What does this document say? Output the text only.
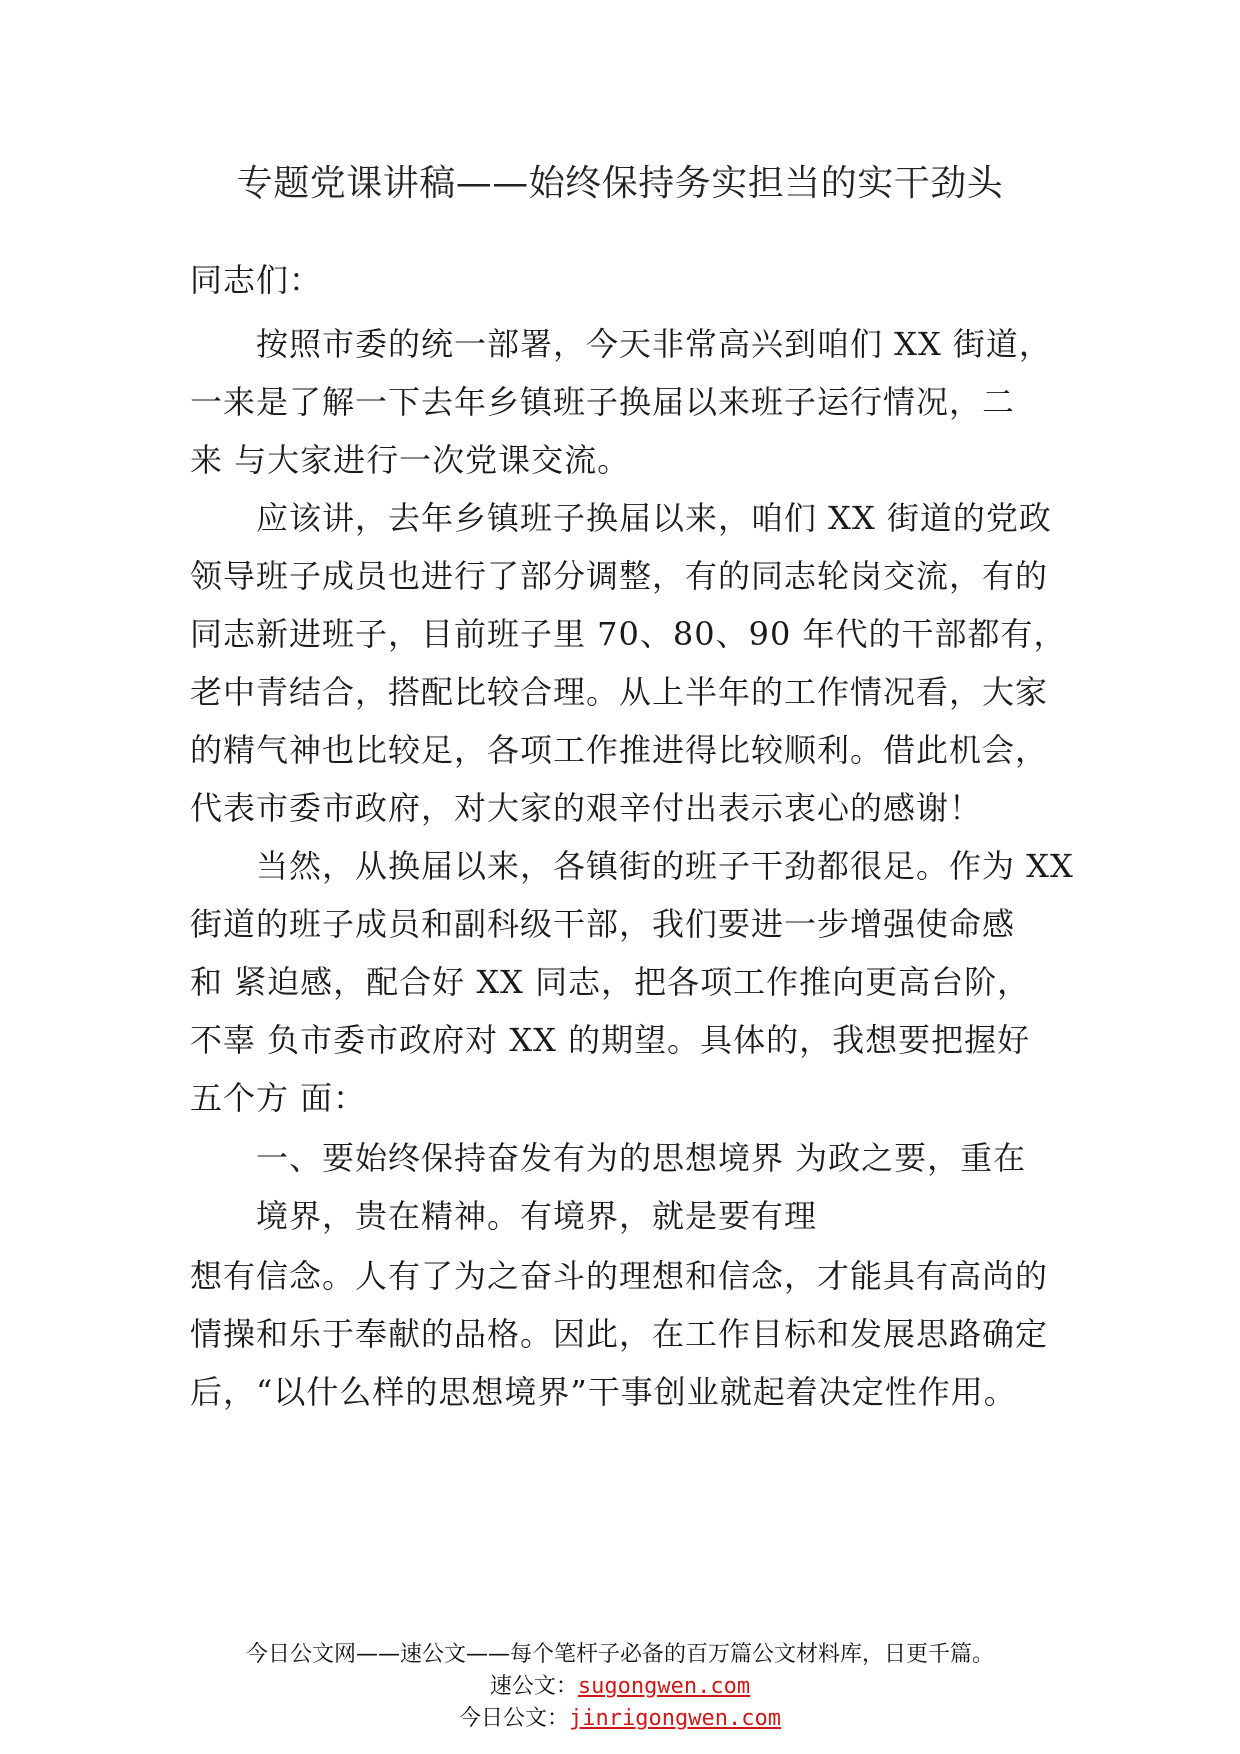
专题党课讲稿——始终保持务实担当的实干劲头
同志们：
按照市委的统一部署，今天非常高兴到咱们 XX 街道，
一来是了解一下去年乡镇班子换届以来班子运行情况，二
来 与大家进行一次党课交流。
应该讲，去年乡镇班子换届以来，咱们 XX 街道的党政
领导班子成员也进行了部分调整，有的同志轮岗交流，有的
同志新进班子，目前班子里 70、80、90 年代的干部都有，
老中青结合，搭配比较合理。从上半年的工作情况看，大家
的精气神也比较足，各项工作推进得比较顺利。借此机会，
代表市委市政府，对大家的艰辛付出表示衷心的感谢！
当然，从换届以来，各镇街的班子干劲都很足。作为 XX
街道的班子成员和副科级干部，我们要进一步增强使命感
和 紧迫感，配合好 XX 同志，把各项工作推向更高台阶，
不辜 负市委市政府对 XX 的期望。具体的，我想要把握好
五个方 面：
一、要始终保持奋发有为的思想境界 为政之要，重在
境界，贵在精神。有境界，就是要有理
想有信念。人有了为之奋斗的理想和信念，才能具有高尚的
情操和乐于奉献的品格。因此，在工作目标和发展思路确定
后，“以什么样的思想境界”干事创业就起着决定性作用。
今日公文网——速公文——每个笔杆子必备的百万篇公文材料库，日更千篇。
速公文：sugongwen.com
今日公文：jinrigongwen.com
